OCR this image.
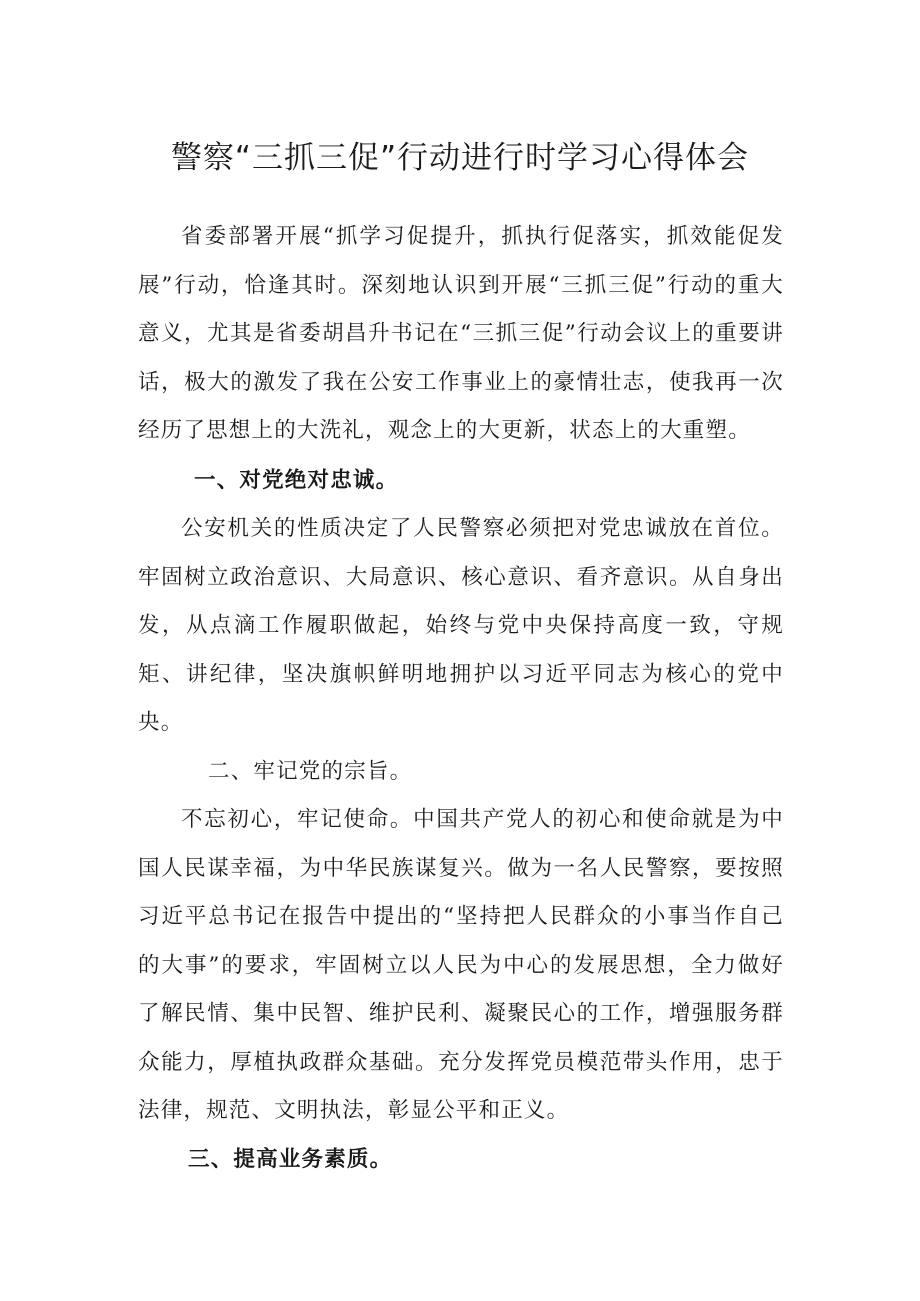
警察“三抓三促”行动进行时学习心得体会

省委部署开展“抓学习促提升，抓执行促落实，抓效能促发展”行动，恰逢其时。深刻地认识到开展“三抓三促”行动的重大意义，尤其是省委胡昌升书记在“三抓三促”行动会议上的重要讲话，极大的激发了我在公安工作事业上的豪情壮志，使我再一次经历了思想上的大洗礼，观念上的大更新，状态上的大重塑。

一、对党绝对忠诚。

公安机关的性质决定了人民警察必须把对党忠诚放在首位。牢固树立政治意识、大局意识、核心意识、看齐意识。从自身出发，从点滴工作履职做起，始终与党中央保持高度一致，守规矩、讲纪律，坚决旗帜鲜明地拥护以习近平同志为核心的党中央。

二、牢记党的宗旨。

不忘初心，牢记使命。中国共产党人的初心和使命就是为中国人民谋幸福，为中华民族谋复兴。做为一名人民警察，要按照习近平总书记在报告中提出的“坚持把人民群众的小事当作自己的大事”的要求，牢固树立以人民为中心的发展思想，全力做好了解民情、集中民智、维护民利、凝聚民心的工作，增强服务群众能力，厚植执政群众基础。充分发挥党员模范带头作用，忠于法律，规范、文明执法，彰显公平和正义。

三、提高业务素质。
